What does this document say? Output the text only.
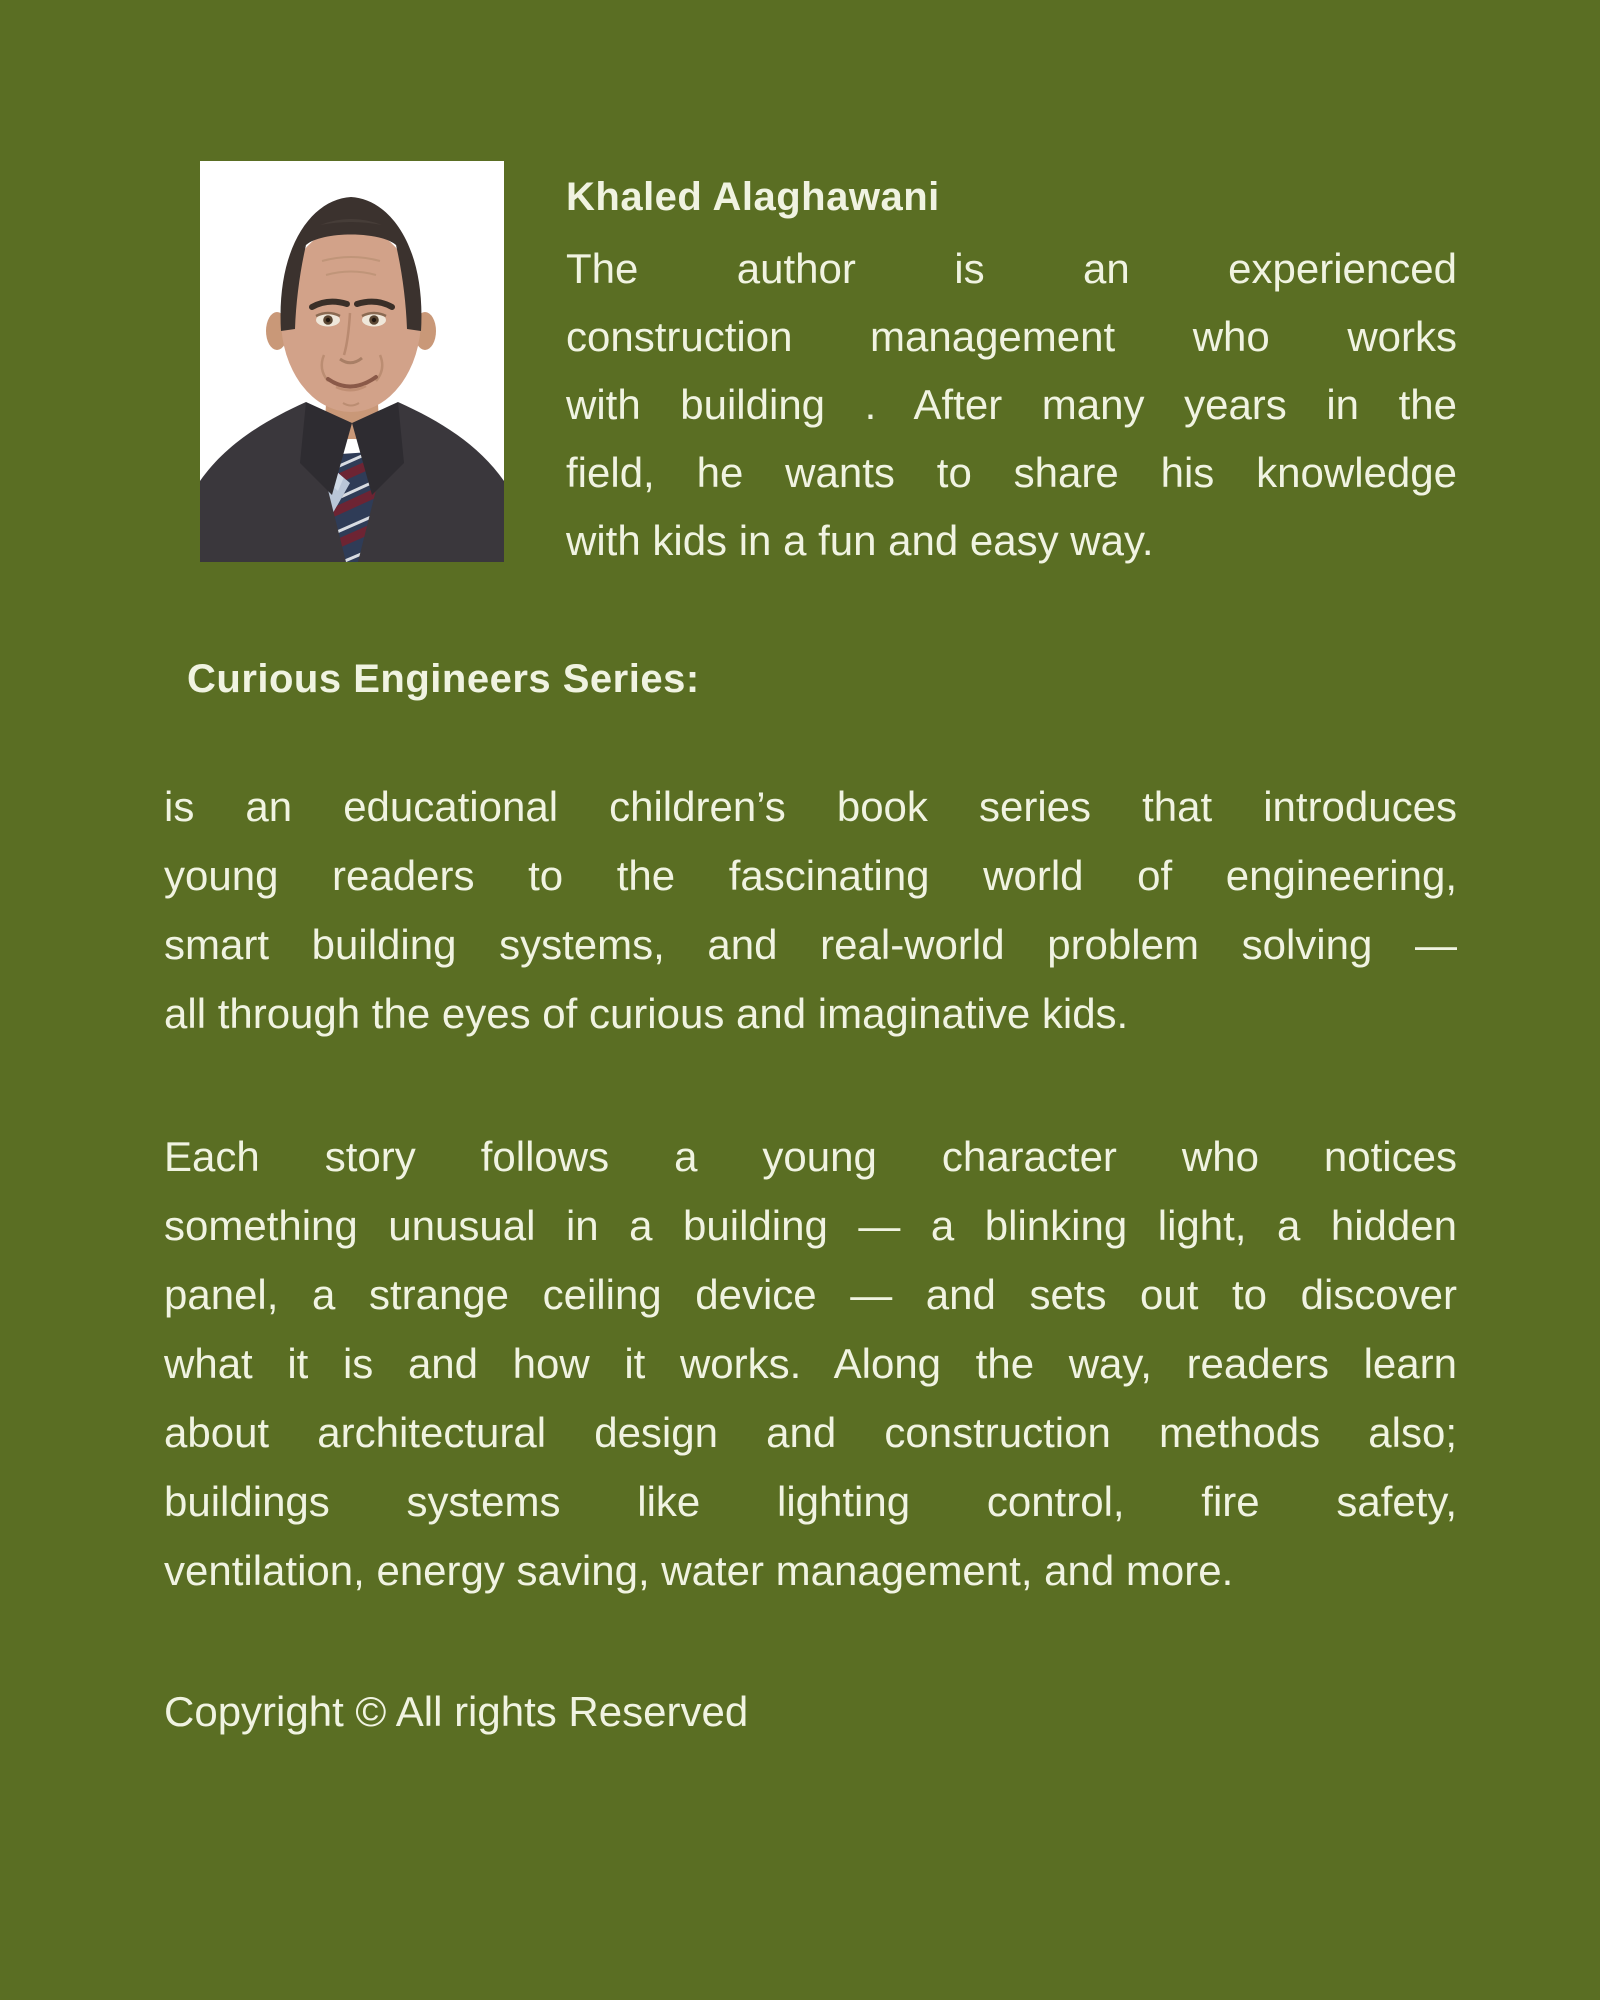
Khaled Alaghawani
The author is an experienced
construction management who works
with building . After many years in the
field, he wants to share his knowledge
with kids in a fun and easy way.
Curious Engineers Series:
is an educational children’s book series that introduces
young readers to the fascinating world of engineering,
smart building systems, and real-world problem solving —
all through the eyes of curious and imaginative kids.
Each story follows a young character who notices
something unusual in a building — a blinking light, a hidden
panel, a strange ceiling device — and sets out to discover
what it is and how it works. Along the way, readers learn
about architectural design and construction methods also;
buildings systems like lighting control, fire safety,
ventilation, energy saving, water management, and more.
Copyright © All rights Reserved
